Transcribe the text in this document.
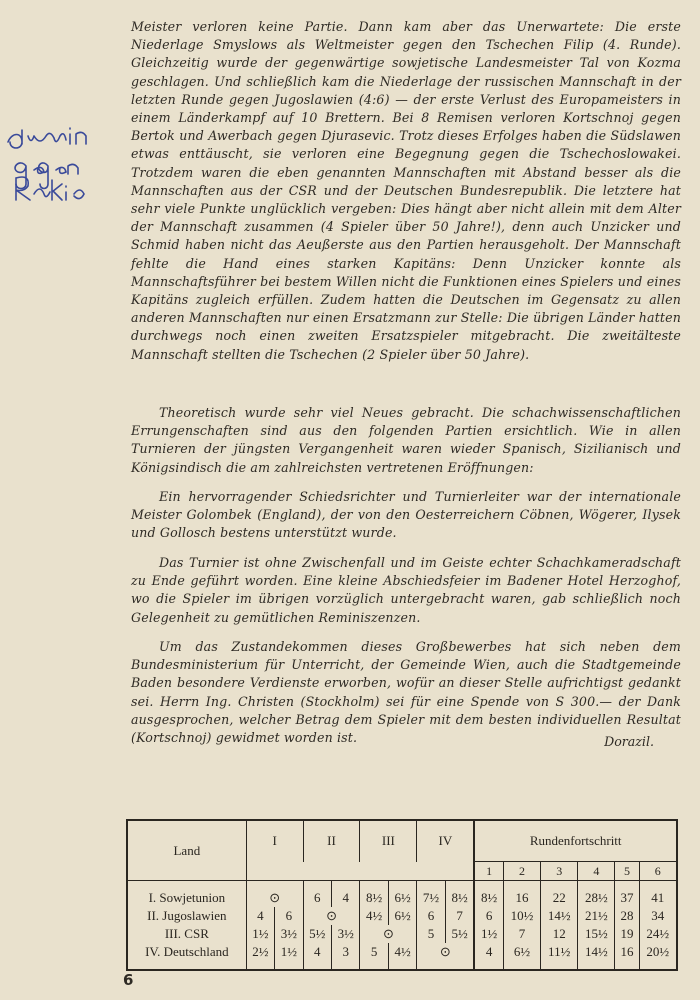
Meister verloren keine Partie. Dann kam aber das Unerwartete: Die erste Niederlage Smyslows als Weltmeister gegen den Tschechen Filip (4. Runde). Gleichzeitig wurde der gegenwärtige sowjetische Landesmeister Tal von Kozma geschlagen. Und schließlich kam die Niederlage der russischen Mannschaft in der letzten Runde gegen Jugoslawien (4:6) — der erste Verlust des Europameisters in einem Länderkampf auf 10 Brettern. Bei 8 Remisen verloren Kortschnoj gegen Bertok und Awerbach gegen Djurasevic. Trotz dieses Erfolges haben die Südslawen etwas enttäuscht, sie verloren eine Begegnung gegen die Tschechoslowakei. Trotzdem waren die eben genannten Mannschaften mit Abstand besser als die Mannschaften aus der CSR und der Deutschen Bundesrepublik. Die letztere hat sehr viele Punkte unglücklich vergeben: Dies hängt aber nicht allein mit dem Alter der Mannschaft zusammen (4 Spieler über 50 Jahre!), denn auch Unzicker und Schmid haben nicht das Aeußerste aus den Partien herausgeholt. Der Mannschaft fehlte die Hand eines starken Kapitäns: Denn Unzicker konnte als Mannschaftsführer bei bestem Willen nicht die Funktionen eines Spielers und eines Kapitäns zugleich erfüllen. Zudem hatten die Deutschen im Gegensatz zu allen anderen Mannschaften nur einen Ersatzmann zur Stelle: Die übrigen Länder hatten durchwegs noch einen zweiten Ersatzspieler mitgebracht. Die zweitälteste Mannschaft stellten die Tschechen (2 Spieler über 50 Jahre).

Theoretisch wurde sehr viel Neues gebracht. Die schachwissenschaftlichen Errungenschaften sind aus den folgenden Partien ersichtlich. Wie in allen Turnieren der jüngsten Vergangenheit waren wieder Spanisch, Sizilianisch und Königsindisch die am zahlreichsten vertretenen Eröffnungen:

Ein hervorragender Schiedsrichter und Turnierleiter war der internationale Meister Golombek (England), der von den Oesterreichern Cöbnen, Wögerer, Ilysek und Gollosch bestens unterstützt wurde.

Das Turnier ist ohne Zwischenfall und im Geiste echter Schachkameradschaft zu Ende geführt worden. Eine kleine Abschiedsfeier im Badener Hotel Herzoghof, wo die Spieler im übrigen vorzüglich untergebracht waren, gab schließlich noch Gelegenheit zu gemütlichen Reminiszenzen.

Um das Zustandekommen dieses Großbewerbes hat sich neben dem Bundesministerium für Unterricht, der Gemeinde Wien, auch die Stadtgemeinde Baden besondere Verdienste erworben, wofür an dieser Stelle aufrichtigst gedankt sei. Herrn Ing. Christen (Stockholm) sei für eine Spende von S 300.— der Dank ausgesprochen, welcher Betrag dem Spieler mit dem besten individuellen Resultat (Kortschnoj) gewidmet worden ist.	Dorazil.
Land	I		II		III		IV		Rundenfortschritt					
									1	2	3	4	5	6
I. Sowjetunion	⊙		6	4	8½	6½	7½	8½	8½	16	22	28½	37	41
II. Jugoslawien	4	6	⊙		4½	6½	6	7	6	10½	14½	21½	28	34
III. CSR	1½	3½	5½	3½	⊙		5	5½	1½	7	12	15½	19	24½
IV. Deutschland	2½	1½	4	3	5	4½	⊙		4	6½	11½	14½	16	20½
6
